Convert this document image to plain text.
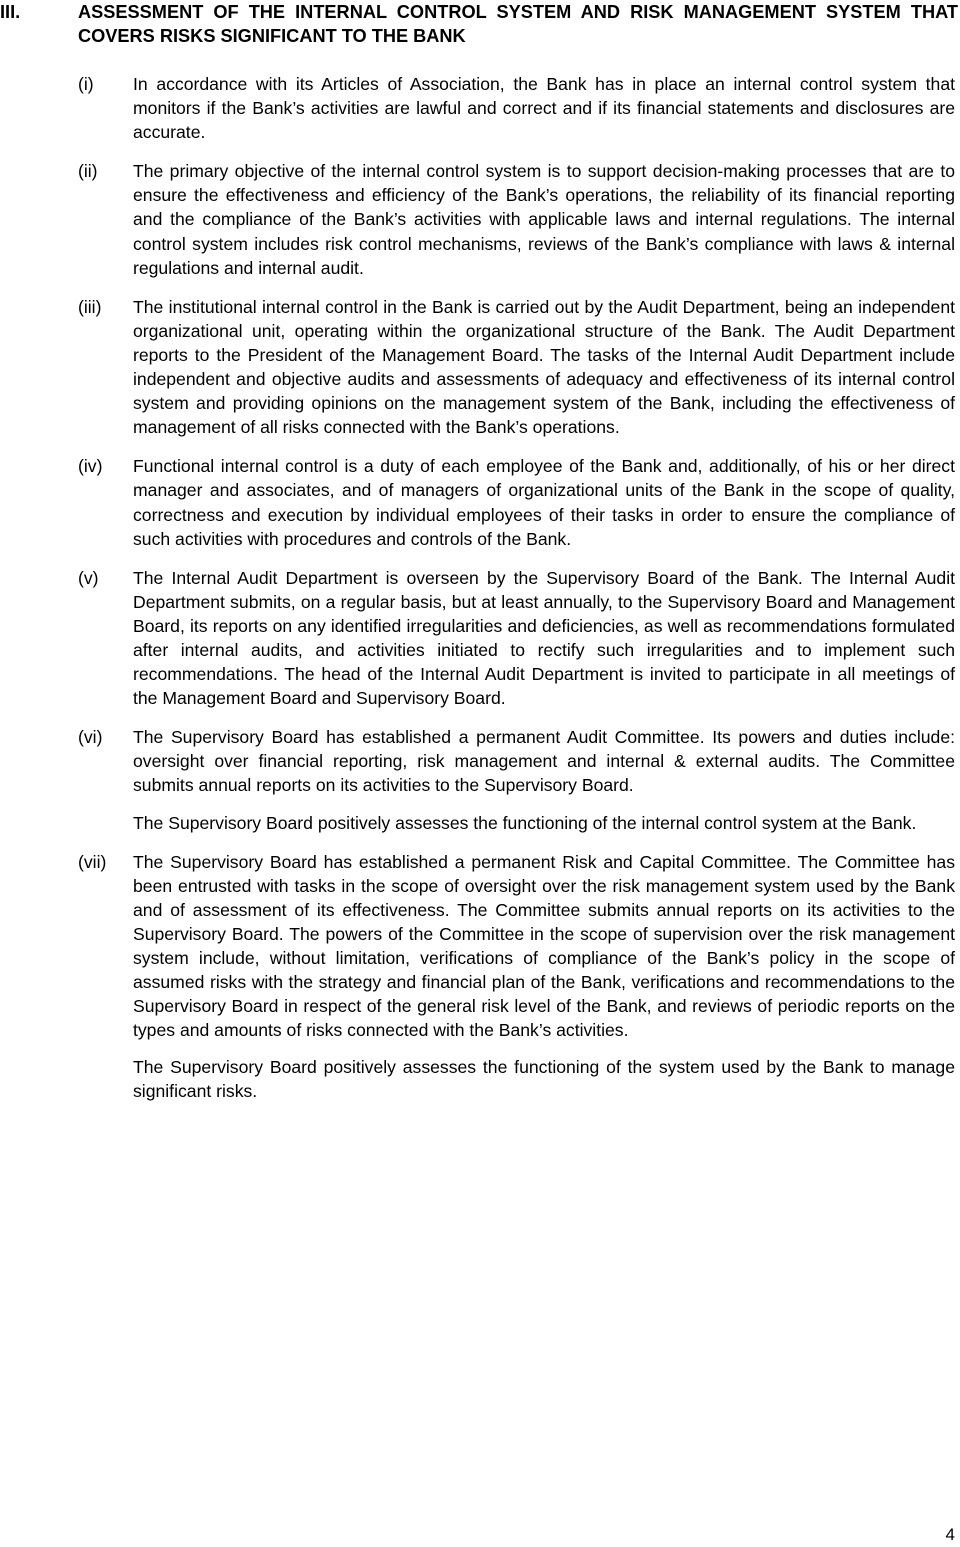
III.	ASSESSMENT OF THE INTERNAL CONTROL SYSTEM AND RISK MANAGEMENT SYSTEM THAT COVERS RISKS SIGNIFICANT TO THE BANK
(i) In accordance with its Articles of Association, the Bank has in place an internal control system that monitors if the Bank’s activities are lawful and correct and if its financial statements and disclosures are accurate.

(ii) The primary objective of the internal control system is to support decision-making processes that are to ensure the effectiveness and efficiency of the Bank’s operations, the reliability of its financial reporting and the compliance of the Bank’s activities with applicable laws and internal regulations. The internal control system includes risk control mechanisms, reviews of the Bank’s compliance with laws & internal regulations and internal audit.

(iii) The institutional internal control in the Bank is carried out by the Audit Department, being an independent organizational unit, operating within the organizational structure of the Bank. The Audit Department reports to the President of the Management Board. The tasks of the Internal Audit Department include independent and objective audits and assessments of adequacy and effectiveness of its internal control system and providing opinions on the management system of the Bank, including the effectiveness of management of all risks connected with the Bank’s operations.

(iv) Functional internal control is a duty of each employee of the Bank and, additionally, of his or her direct manager and associates, and of managers of organizational units of the Bank in the scope of quality, correctness and execution by individual employees of their tasks in order to ensure the compliance of such activities with procedures and controls of the Bank.

(v) The Internal Audit Department is overseen by the Supervisory Board of the Bank. The Internal Audit Department submits, on a regular basis, but at least annually, to the Supervisory Board and Management Board, its reports on any identified irregularities and deficiencies, as well as recommendations formulated after internal audits, and activities initiated to rectify such irregularities and to implement such recommendations. The head of the Internal Audit Department is invited to participate in all meetings of the Management Board and Supervisory Board.

(vi) The Supervisory Board has established a permanent Audit Committee. Its powers and duties include: oversight over financial reporting, risk management and internal & external audits. The Committee submits annual reports on its activities to the Supervisory Board.

The Supervisory Board positively assesses the functioning of the internal control system at the Bank.

(vii) The Supervisory Board has established a permanent Risk and Capital Committee. The Committee has been entrusted with tasks in the scope of oversight over the risk management system used by the Bank and of assessment of its effectiveness. The Committee submits annual reports on its activities to the Supervisory Board. The powers of the Committee in the scope of supervision over the risk management system include, without limitation, verifications of compliance of the Bank’s policy in the scope of assumed risks with the strategy and financial plan of the Bank, verifications and recommendations to the Supervisory Board in respect of the general risk level of the Bank, and reviews of periodic reports on the types and amounts of risks connected with the Bank’s activities.

The Supervisory Board positively assesses the functioning of the system used by the Bank to manage significant risks.

4
